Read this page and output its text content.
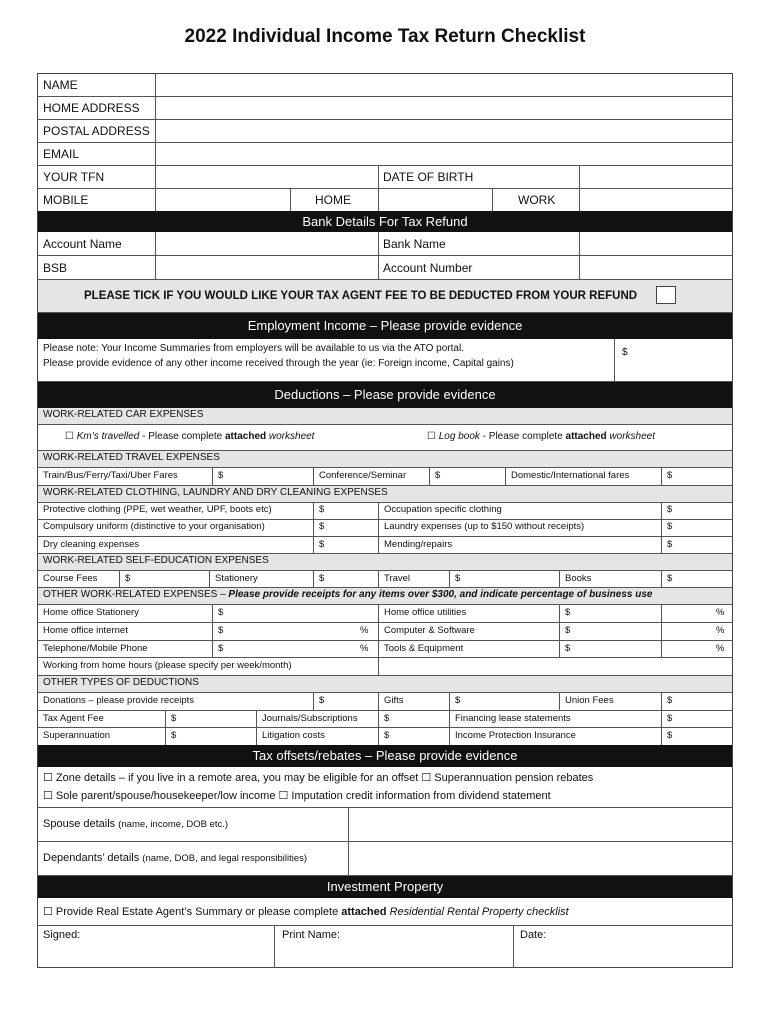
2022 Individual Income Tax Return Checklist
NAME
HOME ADDRESS
POSTAL ADDRESS
EMAIL
YOUR TFN	DATE OF BIRTH
MOBILE	HOME	WORK
Bank Details For Tax Refund
Account Name	Bank Name
BSB	Account Number
PLEASE TICK IF YOU WOULD LIKE YOUR TAX AGENT FEE TO BE DEDUCTED FROM YOUR REFUND
Employment Income – Please provide evidence
Please note: Your Income Summaries from employers will be available to us via the ATO portal.
Please provide evidence of any other income received through the year (ie: Foreign income, Capital gains)
$
Deductions – Please provide evidence
WORK-RELATED CAR EXPENSES
☐ Km’s travelled - Please complete attached worksheet	☐ Log book - Please complete attached worksheet
WORK-RELATED TRAVEL EXPENSES
Train/Bus/Ferry/Taxi/Uber Fares	$	Conference/Seminar	$	Domestic/International fares	$
WORK-RELATED CLOTHING, LAUNDRY AND DRY CLEANING EXPENSES
Protective clothing (PPE, wet weather, UPF, boots etc)	$	Occupation specific clothing	$
Compulsory uniform (distinctive to your organisation)	$	Laundry expenses (up to $150 without receipts)	$
Dry cleaning expenses	$	Mending/repairs	$
WORK-RELATED SELF-EDUCATION EXPENSES
Course Fees	$	Stationery	$	Travel	$	Books	$
OTHER WORK-RELATED EXPENSES – Please provide receipts for any items over $300, and indicate percentage of business use
Home office Stationery	$	Home office utilities	$	%
Home office internet	$	% Computer & Software	$	%
Telephone/Mobile Phone	$	% Tools & Equipment	$	%
Working from home hours (please specify per week/month)
OTHER TYPES OF DEDUCTIONS
Donations – please provide receipts	$	Gifts	$	Union Fees	$
Tax Agent Fee	$	Journals/Subscriptions	$	Financing lease statements	$
Superannuation	$	Litigation costs	$	Income Protection Insurance	$
Tax offsets/rebates – Please provide evidence
☐ Zone details – if you live in a remote area, you may be eligible for an offset ☐ Superannuation pension rebates
☐ Sole parent/spouse/housekeeper/low income ☐ Imputation credit information from dividend statement
Spouse details (name, income, DOB etc.)
Dependants’ details (name, DOB, and legal responsibilities)
Investment Property
☐ Provide Real Estate Agent’s Summary or please complete attached Residential Rental Property checklist
Signed:	Print Name:	Date:
